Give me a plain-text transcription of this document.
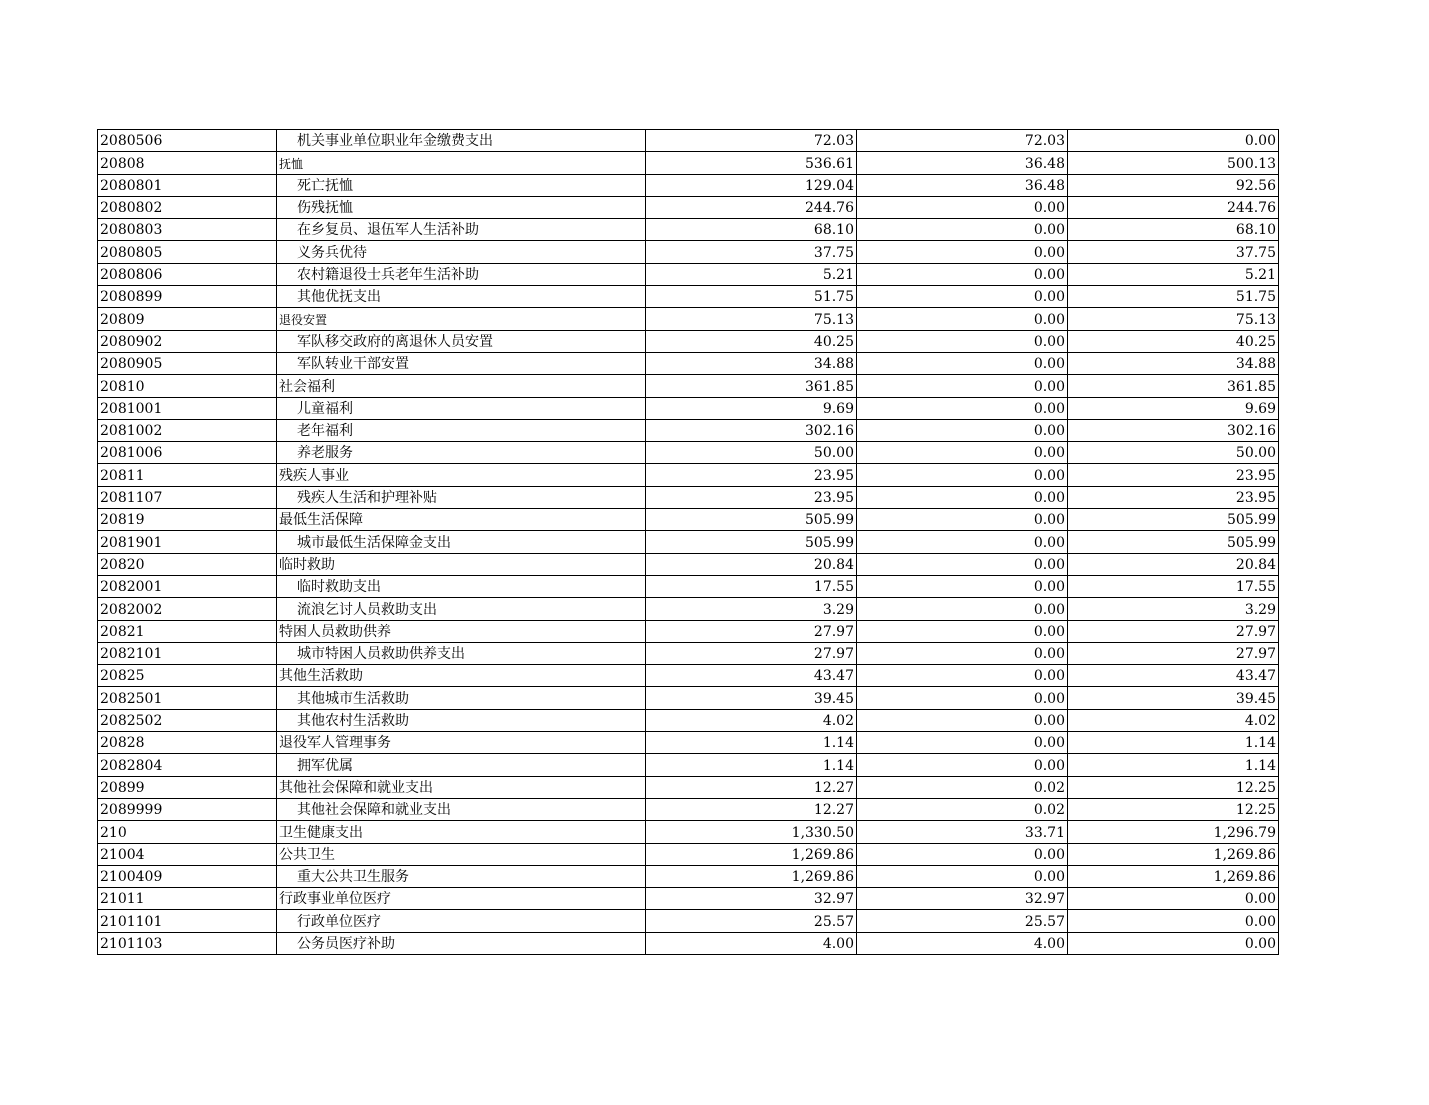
2080506	机关事业单位职业年金缴费支出	72.03	72.03	0.00
20808	抚恤	536.61	36.48	500.13
2080801	死亡抚恤	129.04	36.48	92.56
2080802	伤残抚恤	244.76	0.00	244.76
2080803	在乡复员、退伍军人生活补助	68.10	0.00	68.10
2080805	义务兵优待	37.75	0.00	37.75
2080806	农村籍退役士兵老年生活补助	5.21	0.00	5.21
2080899	其他优抚支出	51.75	0.00	51.75
20809	退役安置	75.13	0.00	75.13
2080902	军队移交政府的离退休人员安置	40.25	0.00	40.25
2080905	军队转业干部安置	34.88	0.00	34.88
20810	社会福利	361.85	0.00	361.85
2081001	儿童福利	9.69	0.00	9.69
2081002	老年福利	302.16	0.00	302.16
2081006	养老服务	50.00	0.00	50.00
20811	残疾人事业	23.95	0.00	23.95
2081107	残疾人生活和护理补贴	23.95	0.00	23.95
20819	最低生活保障	505.99	0.00	505.99
2081901	城市最低生活保障金支出	505.99	0.00	505.99
20820	临时救助	20.84	0.00	20.84
2082001	临时救助支出	17.55	0.00	17.55
2082002	流浪乞讨人员救助支出	3.29	0.00	3.29
20821	特困人员救助供养	27.97	0.00	27.97
2082101	城市特困人员救助供养支出	27.97	0.00	27.97
20825	其他生活救助	43.47	0.00	43.47
2082501	其他城市生活救助	39.45	0.00	39.45
2082502	其他农村生活救助	4.02	0.00	4.02
20828	退役军人管理事务	1.14	0.00	1.14
2082804	拥军优属	1.14	0.00	1.14
20899	其他社会保障和就业支出	12.27	0.02	12.25
2089999	其他社会保障和就业支出	12.27	0.02	12.25
210	卫生健康支出	1,330.50	33.71	1,296.79
21004	公共卫生	1,269.86	0.00	1,269.86
2100409	重大公共卫生服务	1,269.86	0.00	1,269.86
21011	行政事业单位医疗	32.97	32.97	0.00
2101101	行政单位医疗	25.57	25.57	0.00
2101103	公务员医疗补助	4.00	4.00	0.00
